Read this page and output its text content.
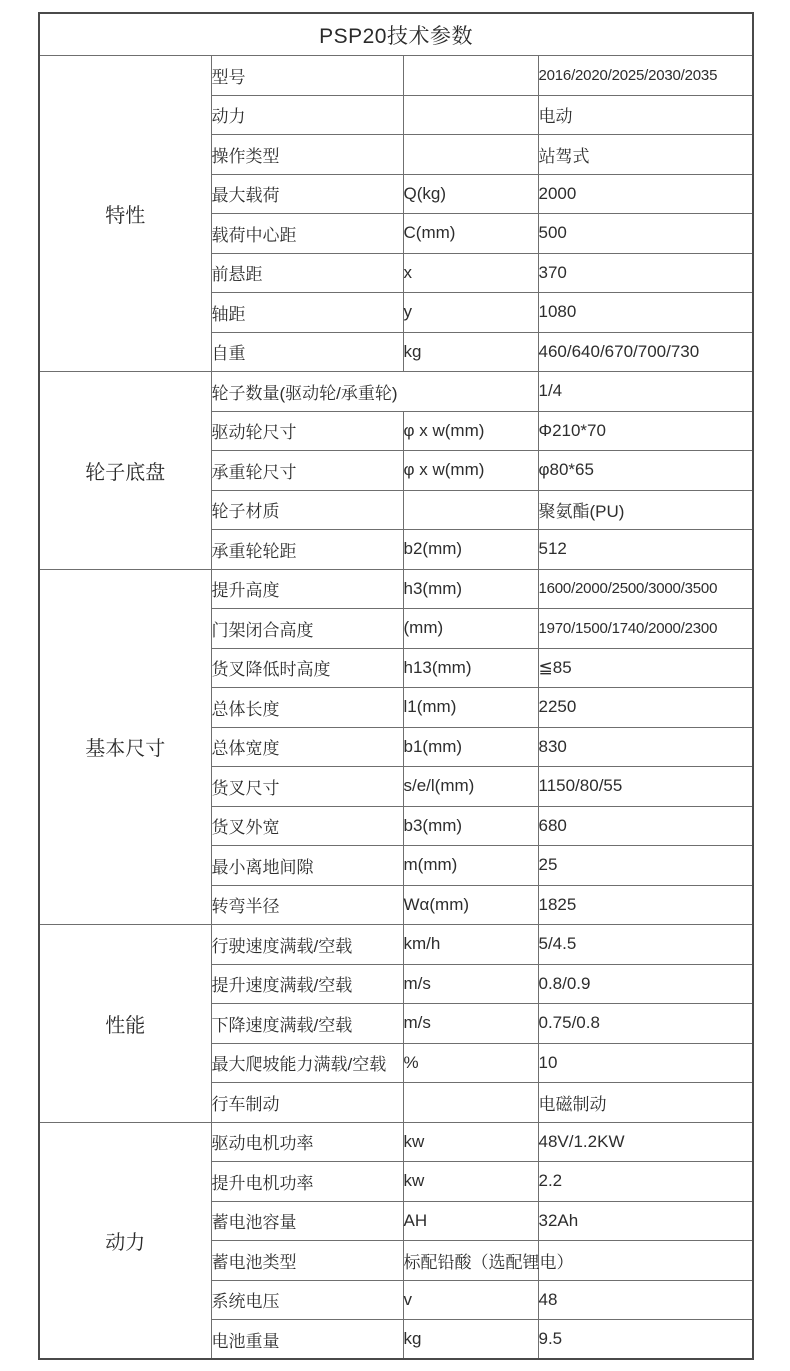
PSP20技术参数			
特性	型号		2016/2020/2025/2030/2035
	动力		电动
	操作类型		站驾式
	最大载荷	Q(kg)	2000
	载荷中心距	C(mm)	500
	前悬距	x	370
	轴距	y	1080
	自重	kg	460/640/670/700/730
轮子底盘	轮子数量(驱动轮/承重轮)		1/4
	驱动轮尺寸	φ x w(mm)	Φ210*70
	承重轮尺寸	φ x w(mm)	φ80*65
	轮子材质		聚氨酯(PU)
	承重轮轮距	b2(mm)	512
基本尺寸	提升高度	h3(mm)	1600/2000/2500/3000/3500
	门架闭合高度	(mm)	1970/1500/1740/2000/2300
	货叉降低时高度	h13(mm)	≦85
	总体长度	l1(mm)	2250
	总体宽度	b1(mm)	830
	货叉尺寸	s/e/l(mm)	1150/80/55
	货叉外宽	b3(mm)	680
	最小离地间隙	m(mm)	25
	转弯半径	Wα(mm)	1825
性能	行驶速度满载/空载	km/h	5/4.5
	提升速度满载/空载	m/s	0.8/0.9
	下降速度满载/空载	m/s	0.75/0.8
	最大爬坡能力满载/空载	%	10
	行车制动		电磁制动
动力	驱动电机功率	kw	48V/1.2KW
	提升电机功率	kw	2.2
	蓄电池容量	AH	32Ah
	蓄电池类型	标配铅酸（选配锂电）	
	系统电压	v	48
	电池重量	kg	9.5
